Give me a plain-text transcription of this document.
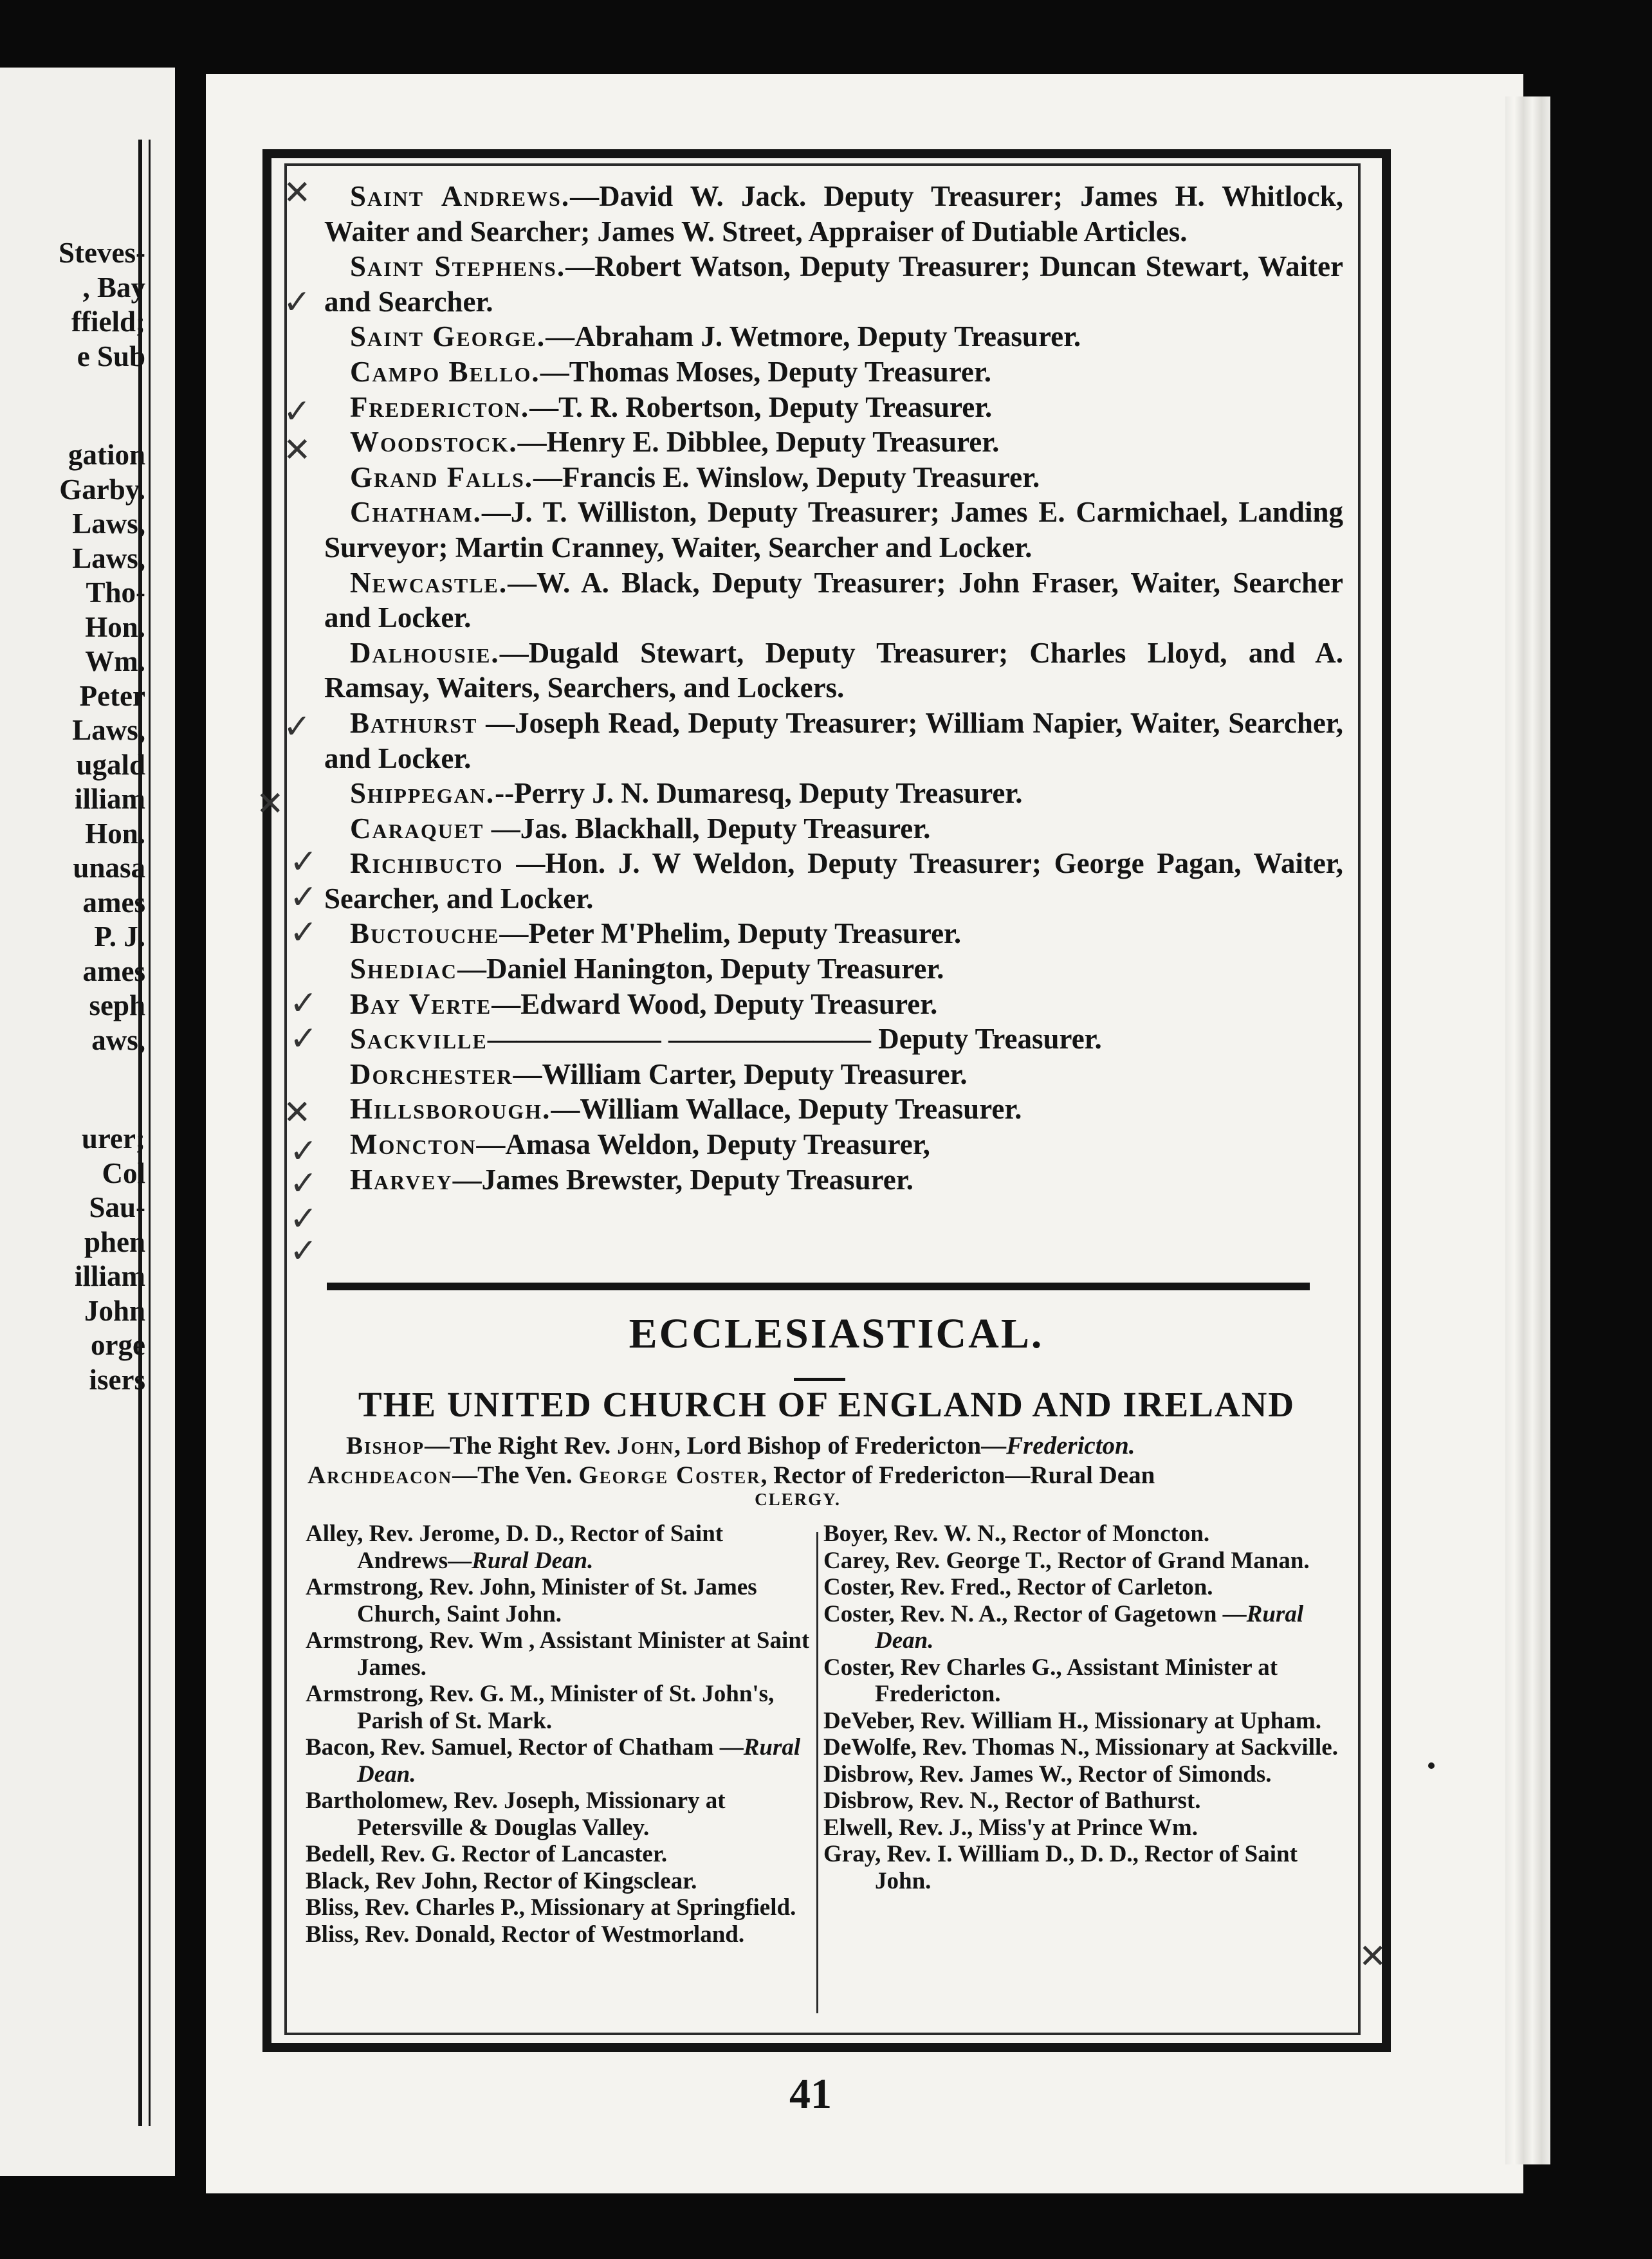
Steves-
, Bay
ffield;
e Sub
gation
Garby.
Laws,
Laws,
Tho-
Hon.
Wm.
Peter
Laws,
ugald
illiam
Hon.
unasa
ames
P. J.
ames
seph
aws,
urer;
Col
Sau-
phen
illiam
John
orge
isers
✕
✓
✓
✕
✓
✕
✓
✓
✓
✓
✓
✕
✓
✓
✓
✓
✕

Saint Andrews.—David W. Jack. Deputy Treasurer; James H. Whitlock, Waiter and Searcher; James W. Street, Appraiser of Dutiable Articles.

Saint Stephens.—Robert Watson, Deputy Treasurer; Duncan Stewart, Waiter and Searcher.

Saint George.—Abraham J. Wetmore, Deputy Treasurer.

Campo Bello.—Thomas Moses, Deputy Treasurer.

Fredericton.—T. R. Robertson, Deputy Treasurer.

Woodstock.—Henry E. Dibblee, Deputy Treasurer.

Grand Falls.—Francis E. Winslow, Deputy Treasurer.

Chatham.—J. T. Williston, Deputy Treasurer; James E. Carmichael, Landing Surveyor; Martin Cranney, Waiter, Searcher and Locker.

Newcastle.—W. A. Black, Deputy Treasurer; John Fraser, Waiter, Searcher and Locker.

Dalhousie.—Dugald Stewart, Deputy Treasurer; Charles Lloyd, and A. Ramsay, Waiters, Searchers, and Lockers.

Bathurst —Joseph Read, Deputy Treasurer; William Napier, Waiter, Searcher, and Locker.

Shippegan.--Perry J. N. Dumaresq, Deputy Treasurer.

Caraquet —Jas. Blackhall, Deputy Treasurer.

Richibucto —Hon. J. W Weldon, Deputy Treasurer; George Pagan, Waiter, Searcher, and Locker.

Buctouche—Peter M'Phelim, Deputy Treasurer.

Shediac—Daniel Hanington, Deputy Treasurer.

Bay Verte—Edward Wood, Deputy Treasurer.

Sackville—————— ——————— Deputy Treasurer.

Dorchester—William Carter, Deputy Treasurer.

Hillsborough.—William Wallace, Deputy Treasurer.

Moncton—Amasa Weldon, Deputy Treasurer,

Harvey—James Brewster, Deputy Treasurer.

ECCLESIASTICAL.
THE UNITED CHURCH OF ENGLAND AND IRELAND

Bishop—The Right Rev. John, Lord Bishop of Fredericton—Fredericton.

Archdeacon—The Ven. George Coster, Rector of Fredericton—Rural Dean

CLERGY.
Alley, Rev. Jerome, D. D., Rector of Saint Andrews—Rural Dean.
Armstrong, Rev. John, Minister of St. James Church, Saint John.
Armstrong, Rev. Wm , Assistant Minister at Saint James.
Armstrong, Rev. G. M., Minister of St. John's, Parish of St. Mark.
Bacon, Rev. Samuel, Rector of Chatham —Rural Dean.
Bartholomew, Rev. Joseph, Missionary at Petersville & Douglas Valley.
Bedell, Rev. G. Rector of Lancaster.
Black, Rev John, Rector of Kingsclear.
Bliss, Rev. Charles P., Missionary at Springfield.
Bliss, Rev. Donald, Rector of Westmorland.
Boyer, Rev. W. N., Rector of Moncton.
Carey, Rev. George T., Rector of Grand Manan.
Coster, Rev. Fred., Rector of Carleton.
Coster, Rev. N. A., Rector of Gagetown —Rural Dean.
Coster, Rev Charles G., Assistant Minister at Fredericton.
DeVeber, Rev. William H., Missionary at Upham.
DeWolfe, Rev. Thomas N., Missionary at Sackville.
Disbrow, Rev. James W., Rector of Simonds.
Disbrow, Rev. N., Rector of Bathurst.
Elwell, Rev. J., Miss'y at Prince Wm.
Gray, Rev. I. William D., D. D., Rector of Saint John.
41
